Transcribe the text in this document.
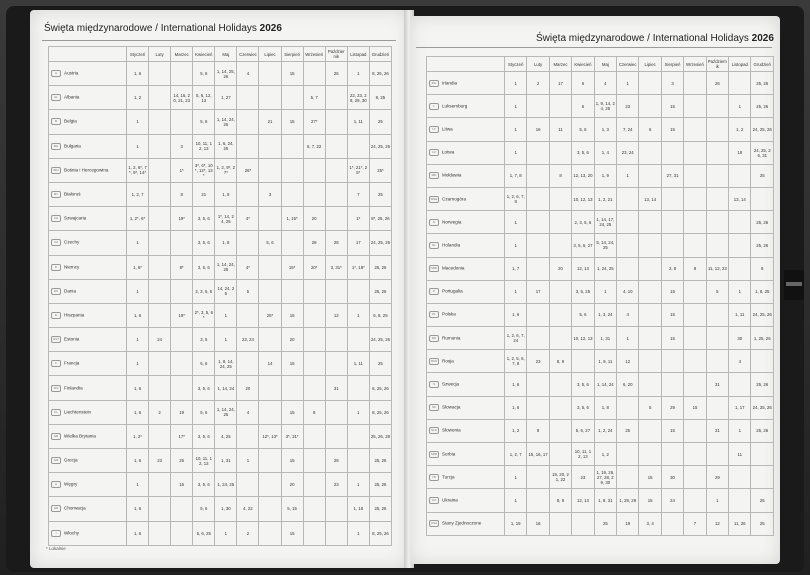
Święta międzynarodowe / International Holidays 2026
	Styczeń	Luty	Marzec	Kwiecień	Maj	Czerwiec	Lipiec	Sierpień	Wrzesień	Październik	Listopad	Grudzień
A Austria	1, 6			5, 6	1, 14, 25, 26	4		15		26	1	8, 25, 26
AL Albania	1, 2		14, 16, 20, 21, 23	5, 6, 12, 13	1, 27				5, 7		22, 23, 28, 29, 30	8, 25
B Belgia	1			5, 6	1, 14, 24, 25		21	15	27*		1, 11	25
BG Bułgaria	1		3	10, 11, 12, 13	1, 6, 24, 25				6, 7, 22			24, 25, 26
BIH Bośnia i Hercegowina	1, 2, 6*, 7*, 9*, 14*		1*	3*, 6*, 10*, 12*, 13*	1, 2, 9*, 27*	26*					1*, 21*, 25*	25*
BY Białoruś	1, 2, 7		8	21	1, 9		3				7	25
CH Szwajcaria	1, 2*, 6*		19*	3, 5, 6	1*, 14, 24, 25	4*		1, 15*	20		1*	8*, 25, 26
CZ Czechy	1			3, 5, 6	1, 8		5, 6		28	28	17	24, 25, 26
D Niemcy	1, 6*		8*	3, 5, 6	1, 14, 24, 25	4*		15*	20*	3, 31*	1*, 18*	25, 26
DK Dania	1			2, 3, 5, 6	14, 24, 25	5						25, 26
E Hiszpania	1, 6		19*	2*, 3, 5, 6*	1		25*	15		12	1	6, 8, 25
EST Estonia	1	24		3, 5	1	23, 24		20				24, 25, 26
F Francja	1			5, 6	1, 8, 14, 24, 25		14	15			1, 11	25
FIN Finlandia	1, 6			3, 5, 6	1, 14, 24	20				31		6, 25, 26
FL Liechtenstein	1, 6	2	19	5, 6	1, 14, 24, 25	4		15	8		1	8, 25, 26
GB Wielka Brytania	1, 2*		17*	3, 5, 6	4, 25		12*, 13*	3*, 31*				25, 26, 28
GR Grecja	1, 6	23	25	10, 11, 12, 13	1, 31	1		15		28		25, 26
H Węgry	1		15	3, 5, 6	1, 24, 25			20		23	1	25, 26
HR Chorwacja	1, 6			5, 6	1, 30	4, 22		5, 15			1, 18	25, 26
I Włochy	1, 6			5, 6, 25	1	2		15			1	8, 25, 26
* Lokalnie
Święta międzynarodowe / International Holidays 2026
	Styczeń	Luty	Marzec	Kwiecień	Maj	Czerwiec	Lipiec	Sierpień	Wrzesień	Październik	Listopad	Grudzień
IRL Irlandia	1	2	17	6	4	1		3		26		25, 26
L Luksemburg	1			6	1, 9, 14, 24, 25	23		15			1	25, 26
LT Litwa	1	16	11	5, 6	1, 3	7, 24	6	15			1, 2	24, 25, 26
LV Łotwa	1			3, 5, 6	1, 4	23, 24					18	24, 25, 26, 31
MD Mołdawia	1, 7, 8		8	12, 13, 20	1, 9	1		27, 31				25
MNE Czarnogóra	1, 2, 6, 7, 8			10, 12, 13	1, 2, 21		13, 14				13, 14	
N Norwegia	1			2, 3, 5, 6	1, 14, 17, 24, 25							25, 26
NL Holandia	1			3, 5, 6, 27	5, 14, 24, 25							25, 26
NMK Macedonia	1, 7		20	12, 13	1, 24, 25			2, 8	8	11, 12, 23		8
P Portugalia	1	17		3, 5, 25	1	4, 10		15		5	1	1, 8, 25
PL Polska	1, 6			5, 6	1, 3, 24	4		15			1, 11	24, 25, 26
RO Rumunia	1, 2, 6, 7, 24			10, 12, 13	1, 31	1		15			30	1, 25, 26
RUS Rosja	1, 2, 5, 6, 7, 8	23	8, 9		1, 9, 11	12					4	
S Szwecja	1, 6			3, 5, 6	1, 14, 24	6, 20				31		25, 26
SK Słowacja	1, 6			3, 5, 6	1, 8		5	29	15		1, 17	24, 25, 26
SLO Słowenia	1, 2	8		5, 6, 27	1, 2, 24	25		15		31	1	25, 26
SRB Serbia	1, 2, 7	15, 16, 17		10, 11, 12, 13	1, 2						11	
TR Turcja	1		19, 20, 21, 22	23	1, 19, 26, 27, 28, 29, 30		15	30		29		
UA Ukraina	1		8, 9	12, 13	1, 9, 31	1, 28, 29	15	24		1		25
USA Stany Zjednoczone	1, 19	16			25	19	3, 4		7	12	11, 26	25
